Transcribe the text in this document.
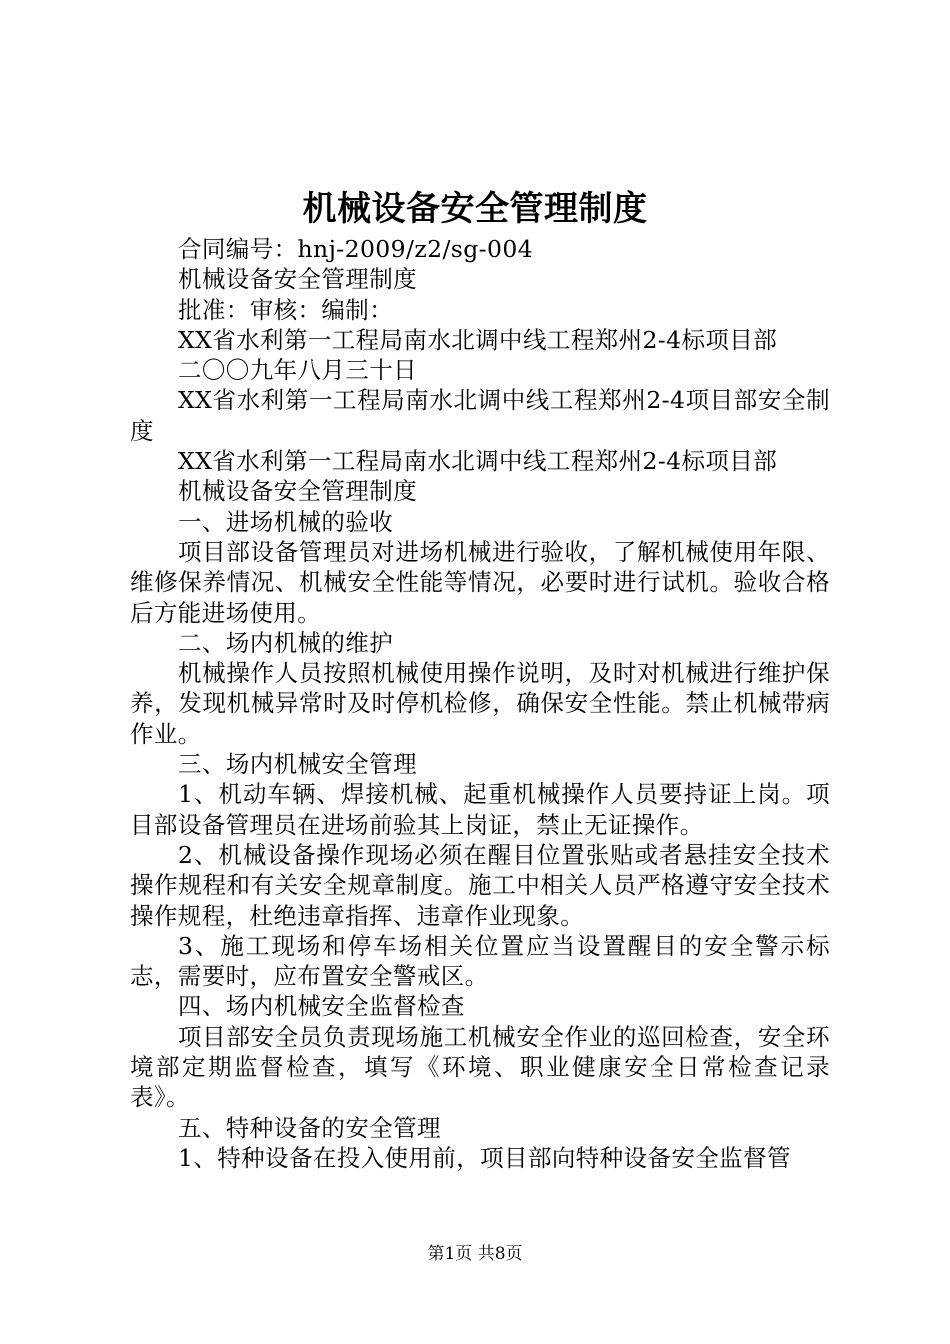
机械设备安全管理制度

合同编号：hnj-2009/z2/sg-004

机械设备安全管理制度

批准：审核：编制：

XX省水利第一工程局南水北调中线工程郑州2-4标项目部

二〇〇九年八月三十日

XX省水利第一工程局南水北调中线工程郑州2-4项目部安全制度

XX省水利第一工程局南水北调中线工程郑州2-4标项目部

机械设备安全管理制度

一、进场机械的验收

项目部设备管理员对进场机械进行验收，了解机械使用年限、维修保养情况、机械安全性能等情况，必要时进行试机。验收合格后方能进场使用。

二、场内机械的维护

机械操作人员按照机械使用操作说明，及时对机械进行维护保养，发现机械异常时及时停机检修，确保安全性能。禁止机械带病作业。

三、场内机械安全管理

1、机动车辆、焊接机械、起重机械操作人员要持证上岗。项目部设备管理员在进场前验其上岗证，禁止无证操作。

2、机械设备操作现场必须在醒目位置张贴或者悬挂安全技术操作规程和有关安全规章制度。施工中相关人员严格遵守安全技术操作规程，杜绝违章指挥、违章作业现象。

3、施工现场和停车场相关位置应当设置醒目的安全警示标志，需要时，应布置安全警戒区。

四、场内机械安全监督检查

项目部安全员负责现场施工机械安全作业的巡回检查，安全环境部定期监督检查，填写《环境、职业健康安全日常检查记录表》。

五、特种设备的安全管理

1、特种设备在投入使用前，项目部向特种设备安全监督管

第1页 共8页
